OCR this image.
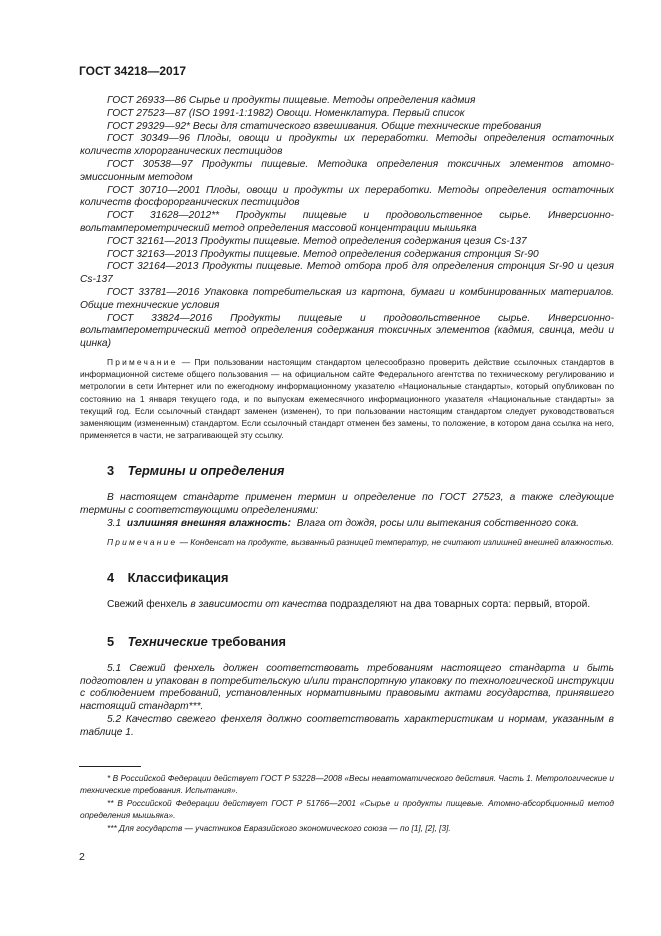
ГОСТ 34218—2017

ГОСТ 26933—86 Сырье и продукты пищевые. Методы определения кадмия

ГОСТ 27523—87 (ISO 1991-1:1982) Овощи. Номенклатура. Первый список

ГОСТ 29329—92* Весы для статического взвешивания. Общие технические требования

ГОСТ 30349—96 Плоды, овощи и продукты их переработки. Методы определения остаточных количеств хлорорганических пестицидов

ГОСТ 30538—97 Продукты пищевые. Методика определения токсичных элементов атомно-эмиссионным методом

ГОСТ 30710—2001 Плоды, овощи и продукты их переработки. Методы определения остаточных количеств фосфорорганических пестицидов

ГОСТ 31628—2012** Продукты пищевые и продовольственное сырье. Инверсионно-вольтамперометрический метод определения массовой концентрации мышьяка

ГОСТ 32161—2013 Продукты пищевые. Метод определения содержания цезия Cs-137

ГОСТ 32163—2013 Продукты пищевые. Метод определения содержания стронция Sr-90

ГОСТ 32164—2013 Продукты пищевые. Метод отбора проб для определения стронция Sr-90 и цезия Cs-137

ГОСТ 33781—2016 Упаковка потребительская из картона, бумаги и комбинированных материалов. Общие технические условия

ГОСТ 33824—2016 Продукты пищевые и продовольственное сырье. Инверсионно-вольтамперометрический метод определения содержания токсичных элементов (кадмия, свинца, меди и цинка)

Примечание — При пользовании настоящим стандартом целесообразно проверить действие ссылочных стандартов в информационной системе общего пользования — на официальном сайте Федерального агентства по техническому регулированию и метрологии в сети Интернет или по ежегодному информационному указателю «Национальные стандарты», который опубликован по состоянию на 1 января текущего года, и по выпускам ежемесячного информационного указателя «Национальные стандарты» за текущий год. Если ссылочный стандарт заменен (изменен), то при пользовании настоящим стандартом следует руководствоваться заменяющим (измененным) стандартом. Если ссылочный стандарт отменен без замены, то положение, в котором дана ссылка на него, применяется в части, не затрагивающей эту ссылку.

3 Термины и определения

В настоящем стандарте применен термин и определение по ГОСТ 27523, а также следующие термины с соответствующими определениями:

3.1 излишняя внешняя влажность: Влага от дождя, росы или вытекания собственного сока.

Примечание — Конденсат на продукте, вызванный разницей температур, не считают излишней внешней влажностью.

4 Классификация

Свежий фенхель в зависимости от качества подразделяют на два товарных сорта: первый, второй.

5 Технические требования

5.1 Свежий фенхель должен соответствовать требованиям настоящего стандарта и быть подготовлен и упакован в потребительскую и/или транспортную упаковку по технологической инструкции с соблюдением требований, установленных нормативными правовыми актами государства, принявшего настоящий стандарт***.

5.2 Качество свежего фенхеля должно соответствовать характеристикам и нормам, указанным в таблице 1.

* В Российской Федерации действует ГОСТ Р 53228—2008 «Весы неавтоматического действия. Часть 1. Метрологические и технические требования. Испытания».

** В Российской Федерации действует ГОСТ Р 51766—2001 «Сырье и продукты пищевые. Атомно-абсорбционный метод определения мышьяка».

*** Для государств — участников Евразийского экономического союза — по [1], [2], [3].

2
